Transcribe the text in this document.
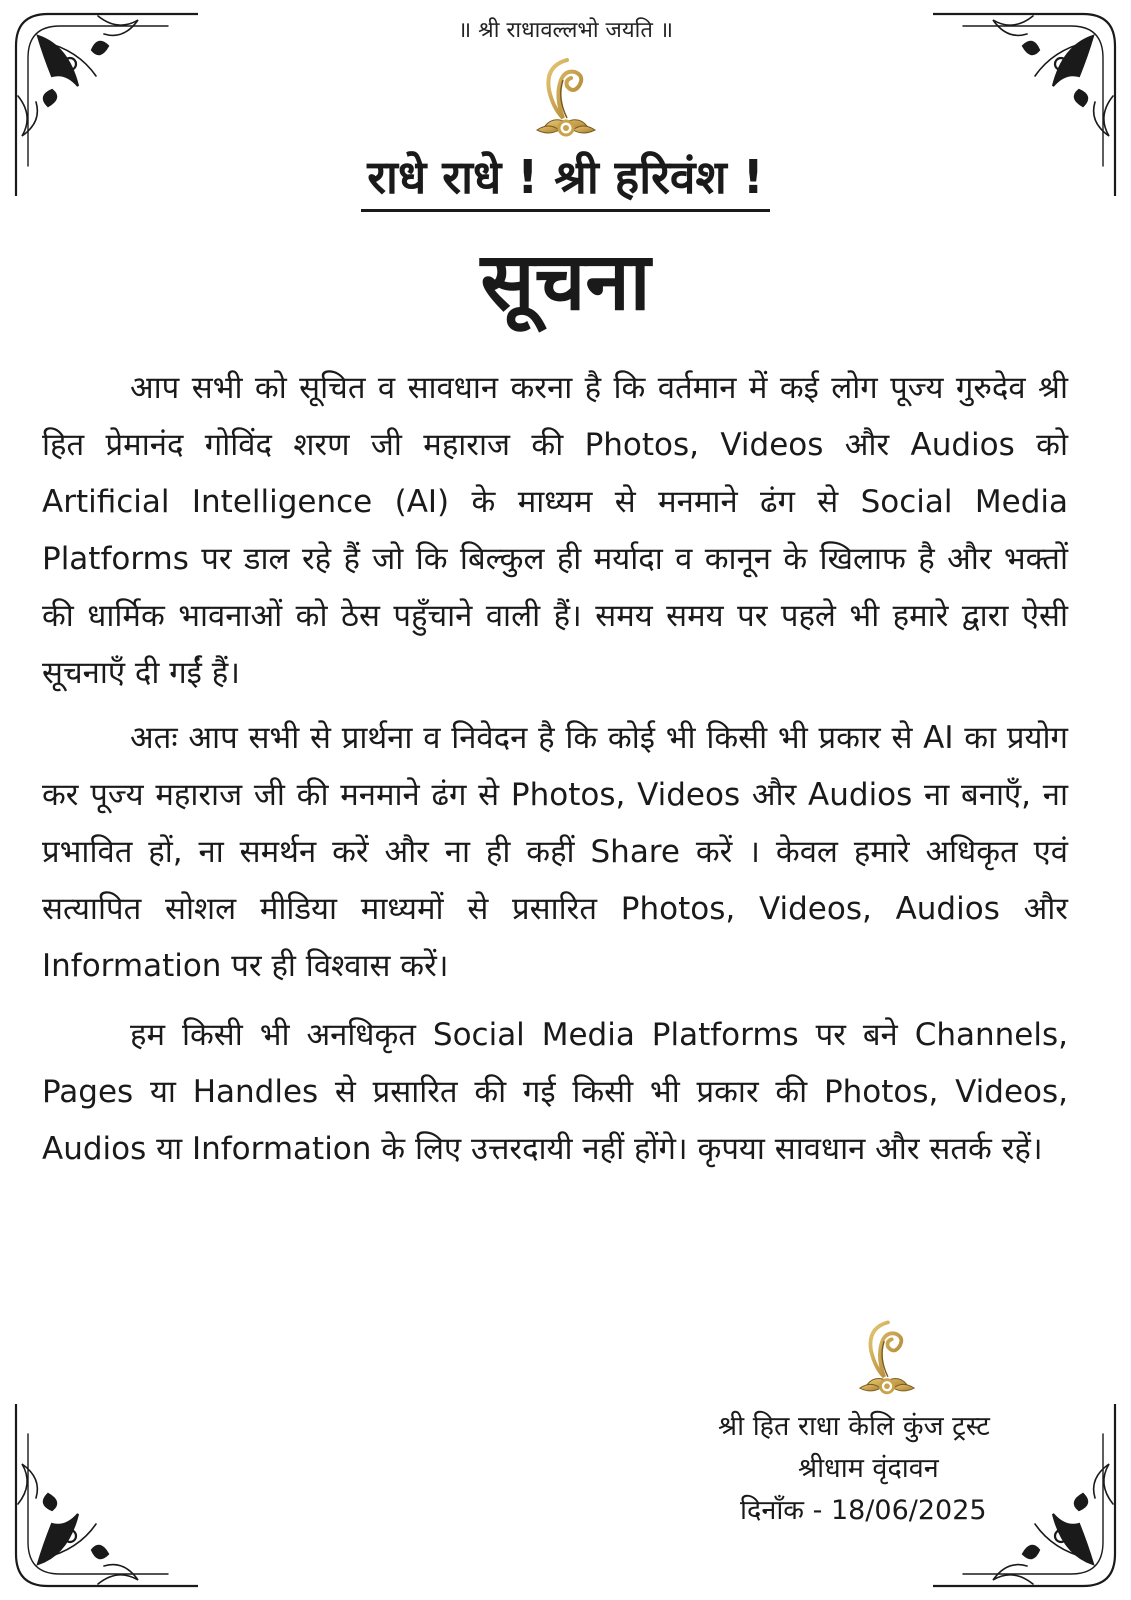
॥ श्री राधावल्लभो जयति ॥
राधे राधे ! श्री हरिवंश !
सूचना

आप सभी को सूचित व सावधान करना है कि वर्तमान में कई लोग पूज्य गुरुदेव श्री हित प्रेमानंद गोविंद शरण जी महाराज की Photos, Videos और Audios को Artificial Intelligence (AI) के माध्यम से मनमाने ढंग से Social Media Platforms पर डाल रहे हैं जो कि बिल्कुल ही मर्यादा व कानून के खिलाफ है और भक्तों की धार्मिक भावनाओं को ठेस पहुँचाने वाली हैं। समय समय पर पहले भी हमारे द्वारा ऐसी सूचनाएँ दी गईं हैं।

अतः आप सभी से प्रार्थना व निवेदन है कि कोई भी किसी भी प्रकार से AI का प्रयोग कर पूज्य महाराज जी की मनमाने ढंग से Photos, Videos और Audios ना बनाएँ, ना प्रभावित हों, ना समर्थन करें और ना ही कहीं Share करें । केवल हमारे अधिकृत एवं सत्यापित सोशल मीडिया माध्यमों से प्रसारित Photos, Videos, Audios और Information पर ही विश्वास करें।

हम किसी भी अनधिकृत Social Media Platforms पर बने Channels, Pages या Handles से प्रसारित की गई किसी भी प्रकार की Photos, Videos, Audios या Information के लिए उत्तरदायी नहीं होंगे। कृपया सावधान और सतर्क रहें।

श्री हित राधा केलि कुंज ट्रस्ट
श्रीधाम वृंदावन
दिनाँक - 18/06/2025
